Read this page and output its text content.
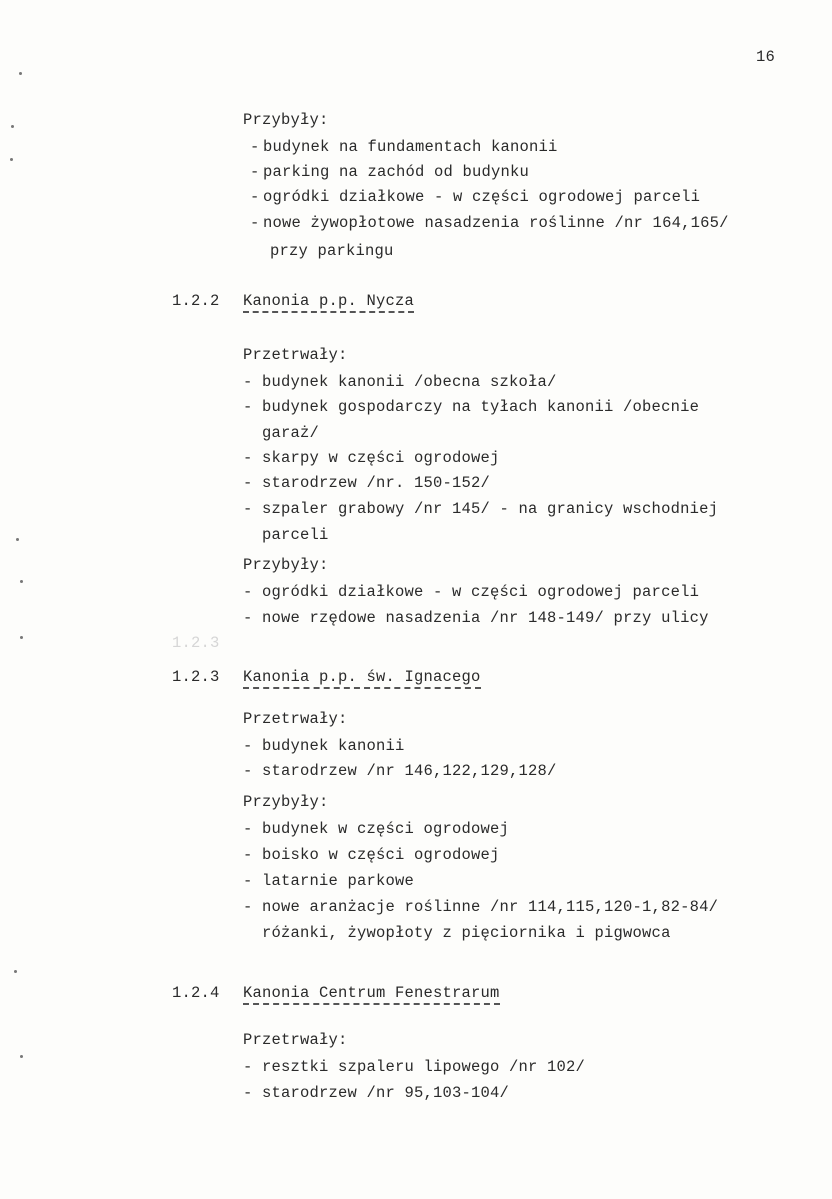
16
Przybyły:
- budynek na fundamentach kanonii
- parking na zachód od budynku
- ogródki działkowe - w części ogrodowej parceli
- nowe żywopłotowe nasadzenia roślinne /nr 164,165/
przy parkingu
1.2.2 Kanonia p.p. Nycza
Przetrwały:
- budynek kanonii /obecna szkoła/
- budynek gospodarczy na tyłach kanonii /obecnie
garaż/
- skarpy w części ogrodowej
- starodrzew /nr. 150-152/
- szpaler grabowy /nr 145/ - na granicy wschodniej
parceli
Przybyły:
- ogródki działkowe - w części ogrodowej parceli
- nowe rzędowe nasadzenia /nr 148-149/ przy ulicy
1.2.3
1.2.3 Kanonia p.p. św. Ignacego
Przetrwały:
- budynek kanonii
- starodrzew /nr 146,122,129,128/
Przybyły:
- budynek w części ogrodowej
- boisko w części ogrodowej
- latarnie parkowe
- nowe aranżacje roślinne /nr 114,115,120-1,82-84/
różanki, żywopłoty z pięciornika i pigwowca
1.2.4 Kanonia Centrum Fenestrarum
Przetrwały:
- resztki szpaleru lipowego /nr 102/
- starodrzew /nr 95,103-104/
